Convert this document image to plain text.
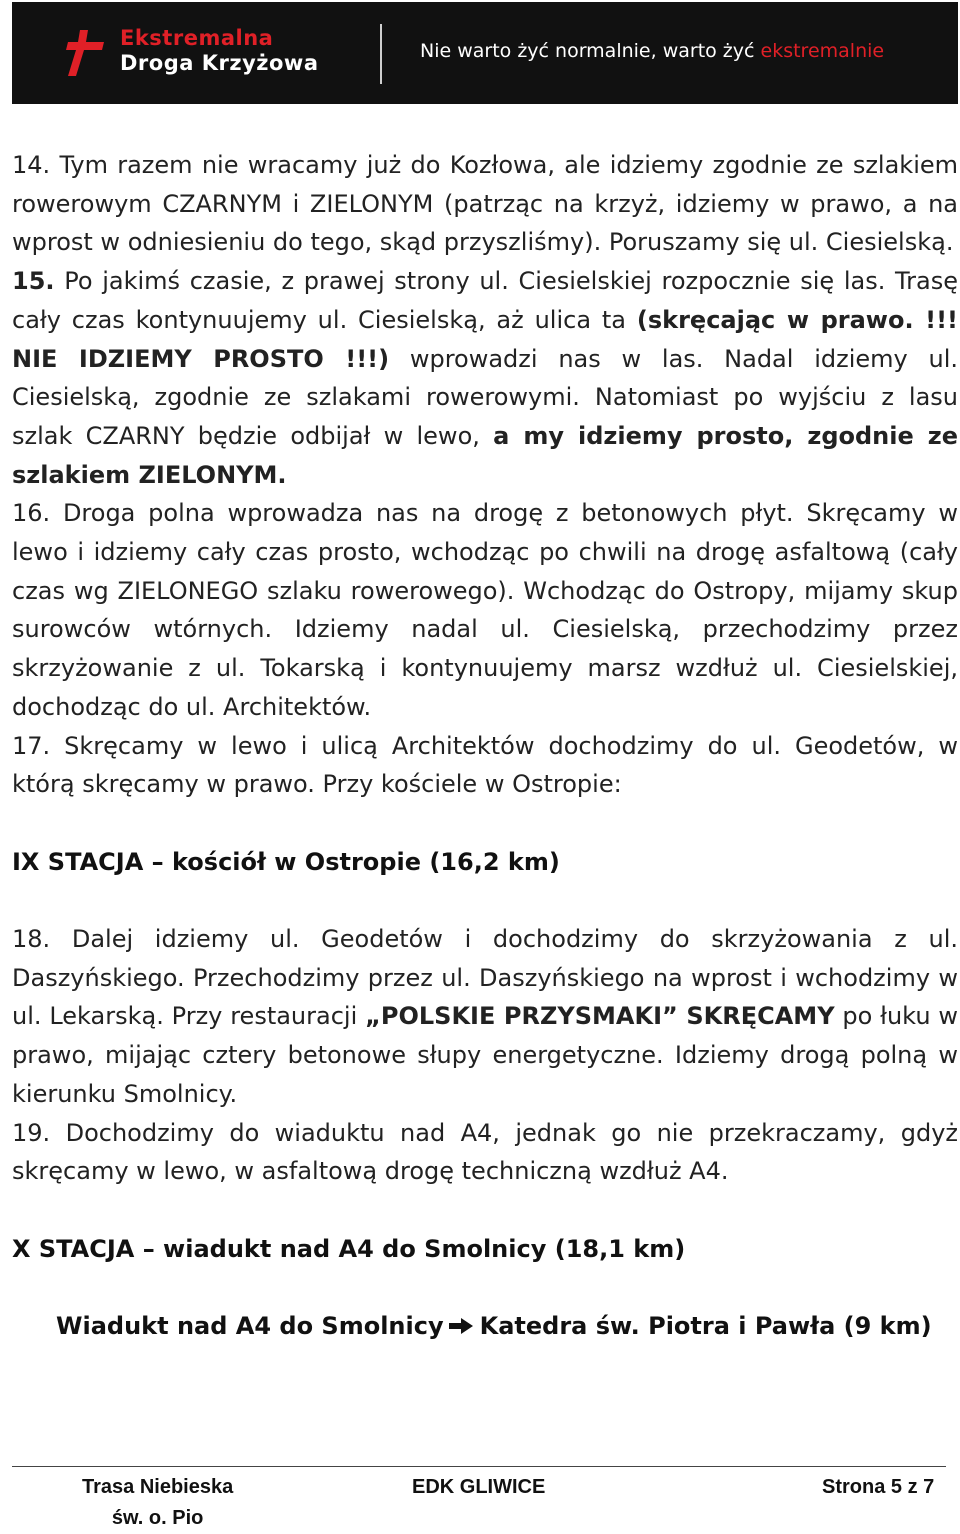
Ekstremalna
Droga Krzyżowa	Nie warto żyć normalnie, warto żyć ekstremalnie

14. Tym razem nie wracamy już do Kozłowa, ale idziemy zgodnie ze szlakiem rowerowym CZARNYM i ZIELONYM (patrząc na krzyż, idziemy w prawo, a na wprost w odniesieniu do tego, skąd przyszliśmy). Poruszamy się ul. Ciesielską.

15. Po jakimś czasie, z prawej strony ul. Ciesielskiej rozpocznie się las. Trasę cały czas kontynuujemy ul. Ciesielską, aż ulica ta (skręcając w prawo. !!! NIE IDZIEMY PROSTO !!!) wprowadzi nas w las. Nadal idziemy ul. Ciesielską, zgodnie ze szlakami rowerowymi. Natomiast po wyjściu z lasu szlak CZARNY będzie odbijał w lewo, a my idziemy prosto, zgodnie ze szlakiem ZIELONYM.

16. Droga polna wprowadza nas na drogę z betonowych płyt. Skręcamy w lewo i idziemy cały czas prosto, wchodząc po chwili na drogę asfaltową (cały czas wg ZIELONEGO szlaku rowerowego). Wchodząc do Ostropy, mijamy skup surowców wtórnych. Idziemy nadal ul. Ciesielską, przechodzimy przez skrzyżowanie z ul. Tokarską i kontynuujemy marsz wzdłuż ul. Ciesielskiej, dochodząc do ul. Architektów.

17. Skręcamy w lewo i ulicą Architektów dochodzimy do ul. Geodetów, w którą skręcamy w prawo. Przy kościele w Ostropie:

IX STACJA – kościół w Ostropie (16,2 km)

18. Dalej idziemy ul. Geodetów i dochodzimy do skrzyżowania z ul. Daszyńskiego. Przechodzimy przez ul. Daszyńskiego na wprost i wchodzimy w ul. Lekarską. Przy restauracji „POLSKIE PRZYSMAKI” SKRĘCAMY po łuku w prawo, mijając cztery betonowe słupy energetyczne. Idziemy drogą polną w kierunku Smolnicy.

19. Dochodzimy do wiaduktu nad A4, jednak go nie przekraczamy, gdyż skręcamy w lewo, w asfaltową drogę techniczną wzdłuż A4.

X STACJA – wiadukt nad A4 do Smolnicy (18,1 km)

Wiadukt nad A4 do Smolnicy Katedra św. Piotra i Pawła (9 km)

Trasa Niebieska
św. o. Pio
EDK GLIWICE	Strona 5 z 7
